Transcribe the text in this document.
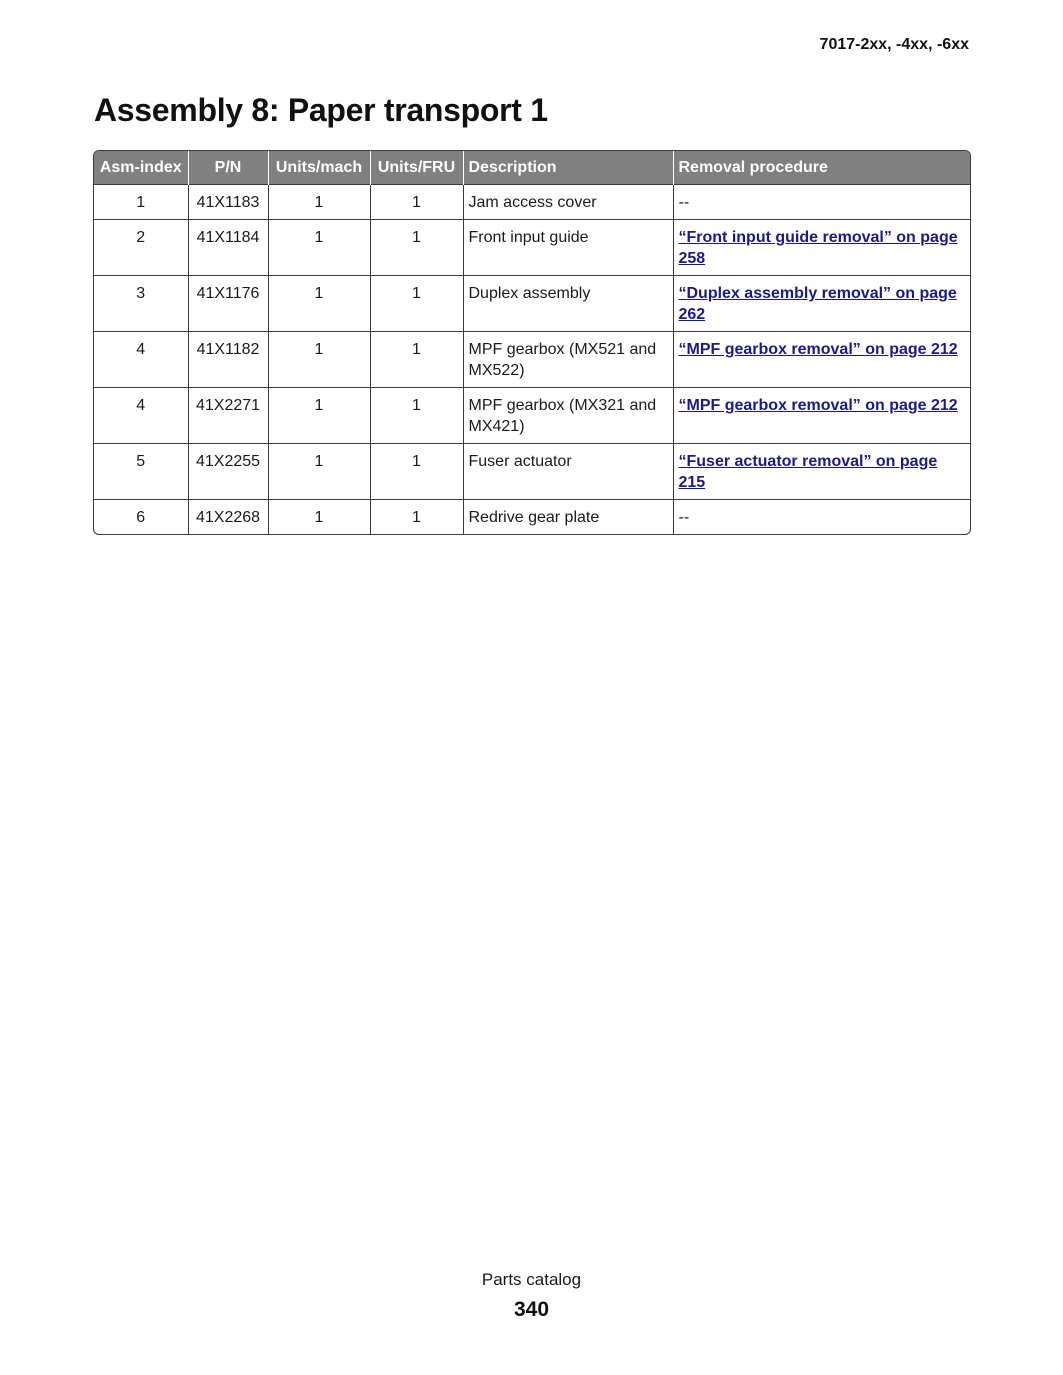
7017-2xx, -4xx, -6xx
Assembly 8: Paper transport 1
Asm-index	P/N	Units/mach	Units/FRU	Description	Removal procedure
1	41X1183	1	1	Jam access cover	--
2	41X1184	1	1	Front input guide	“Front input guide removal” on page 258
3	41X1176	1	1	Duplex assembly	“Duplex assembly removal” on page 262
4	41X1182	1	1	MPF gearbox (MX521 and MX522)	“MPF gearbox removal” on page 212
4	41X2271	1	1	MPF gearbox (MX321 and MX421)	“MPF gearbox removal” on page 212
5	41X2255	1	1	Fuser actuator	“Fuser actuator removal” on page 215
6	41X2268	1	1	Redrive gear plate	--
Parts catalog
340
